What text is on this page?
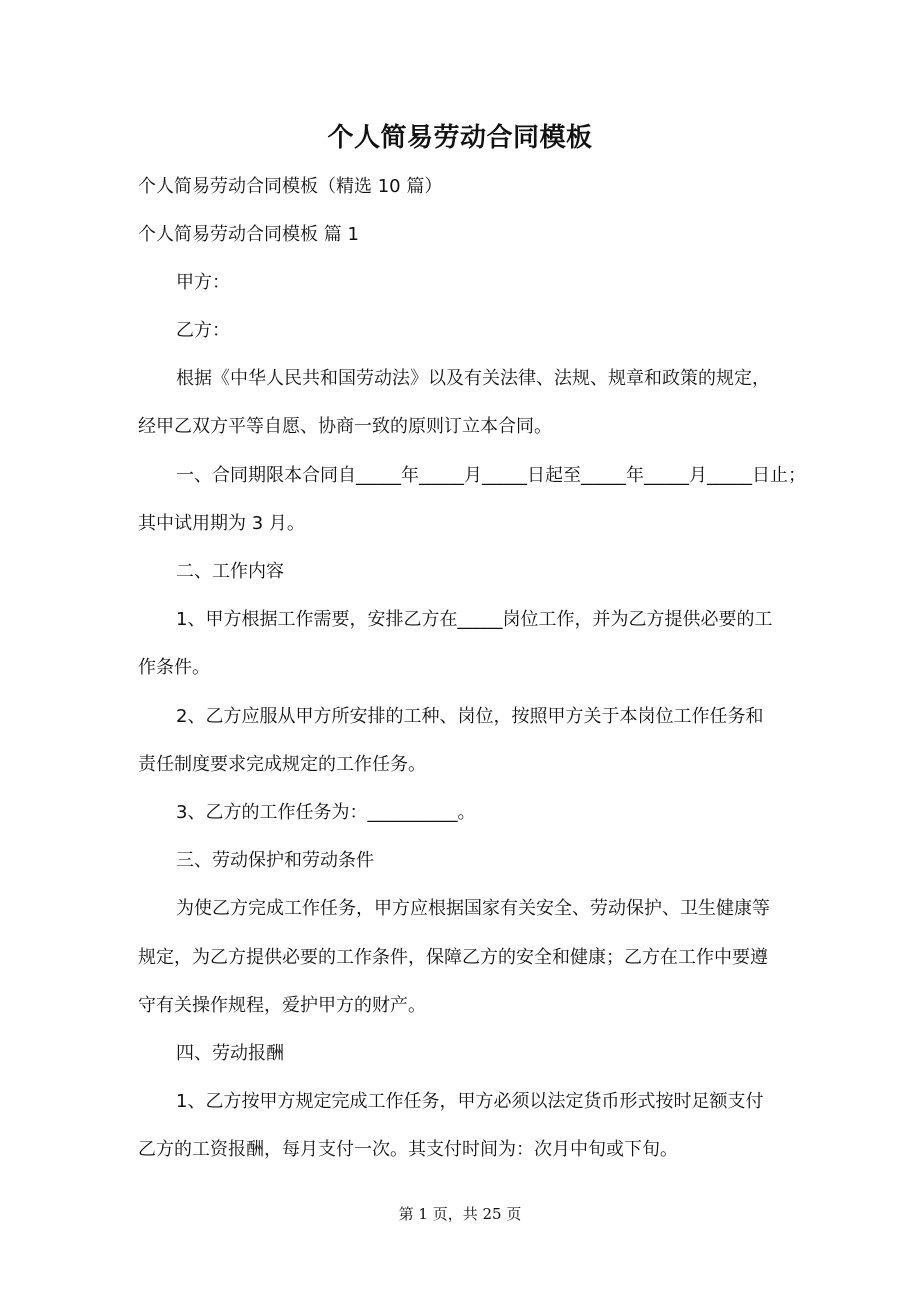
个人简易劳动合同模板
个人简易劳动合同模板（精选 10 篇）
个人简易劳动合同模板 篇 1
甲方：
乙方：
根据《中华人民共和国劳动法》以及有关法律、法规、规章和政策的规定，
经甲乙双方平等自愿、协商一致的原则订立本合同。
一、合同期限本合同自_____年_____月_____日起至_____年_____月_____日止；
其中试用期为 3 月。
二、工作内容
1、甲方根据工作需要，安排乙方在_____岗位工作，并为乙方提供必要的工
作条件。
2、乙方应服从甲方所安排的工种、岗位，按照甲方关于本岗位工作任务和
责任制度要求完成规定的工作任务。
3、乙方的工作任务为：__________。
三、劳动保护和劳动条件
为使乙方完成工作任务，甲方应根据国家有关安全、劳动保护、卫生健康等
规定，为乙方提供必要的工作条件，保障乙方的安全和健康；乙方在工作中要遵
守有关操作规程，爱护甲方的财产。
四、劳动报酬
1、乙方按甲方规定完成工作任务，甲方必须以法定货币形式按时足额支付
乙方的工资报酬，每月支付一次。其支付时间为：次月中旬或下旬。
第 1 页，共 25 页
